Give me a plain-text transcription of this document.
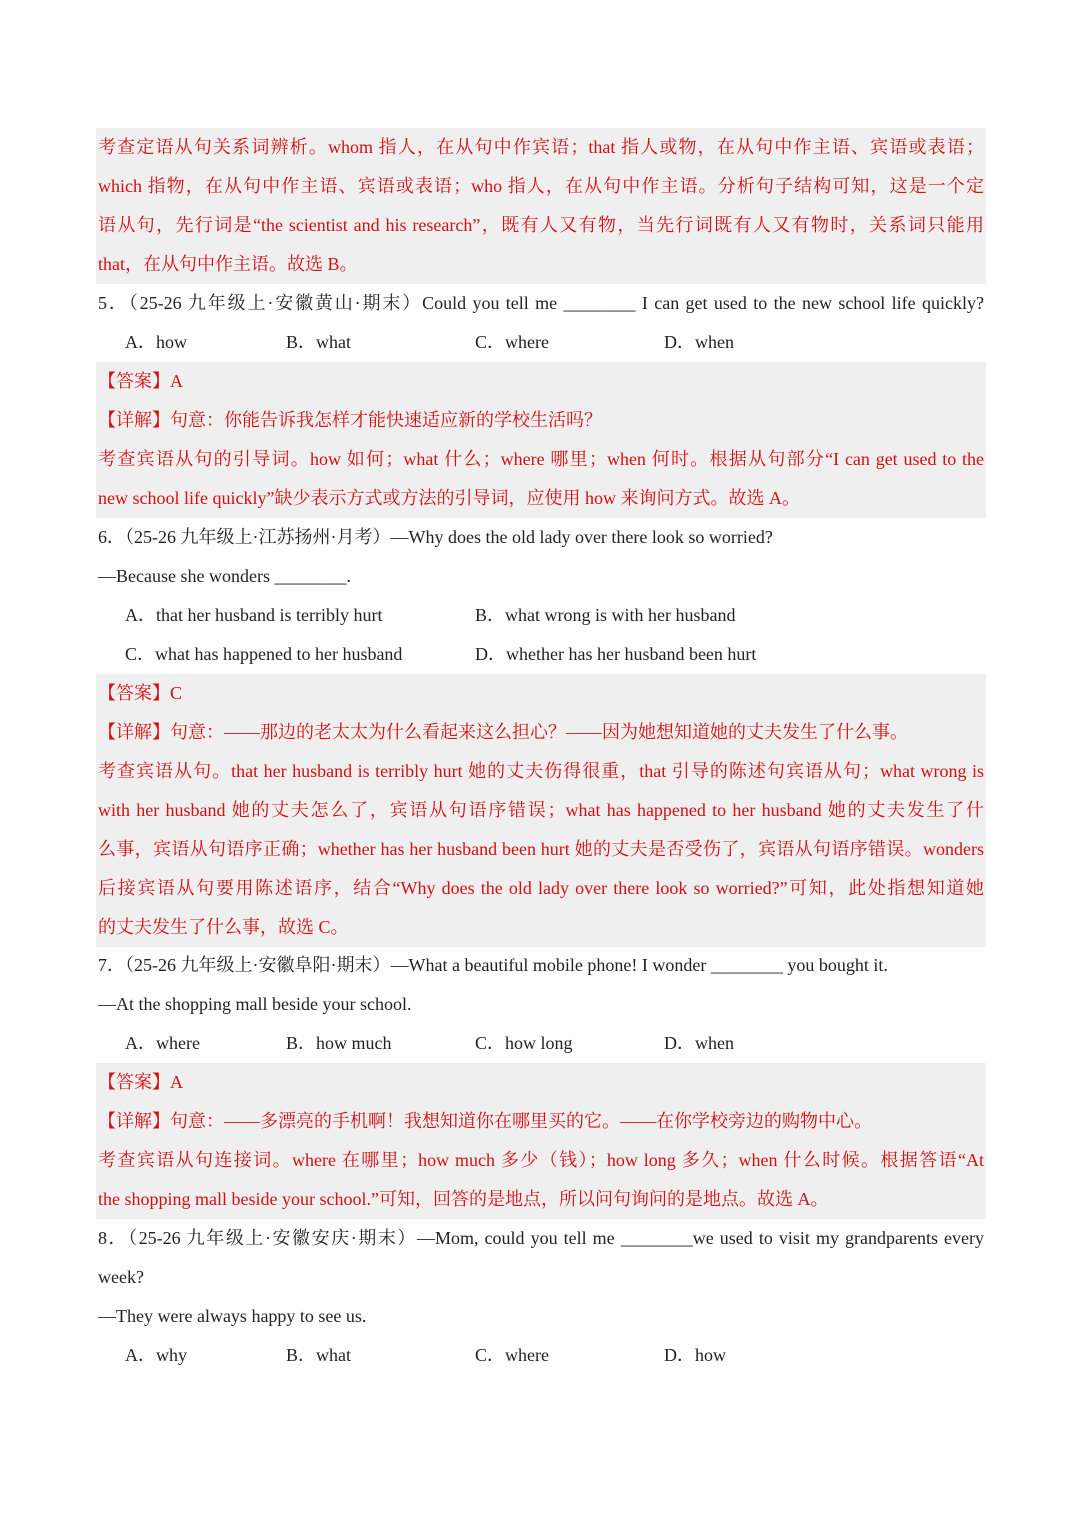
考查定语从句关系词辨析。whom 指人，在从句中作宾语；that 指人或物，在从句中作主语、宾语或表语；
which 指物，在从句中作主语、宾语或表语；who 指人，在从句中作主语。分析句子结构可知，这是一个定
语从句，先行词是“the scientist and his research”，既有人又有物，当先行词既有人又有物时，关系词只能用
that，在从句中作主语。故选 B。
5．（25-26 九年级上·安徽黄山·期末）Could you tell me ________ I can get used to the new school life quickly?
A．how	B．what	C．where	D．when
【答案】A
【详解】句意：你能告诉我怎样才能快速适应新的学校生活吗？
考查宾语从句的引导词。how 如何；what 什么；where 哪里；when 何时。根据从句部分“I can get used to the
new school life quickly”缺少表示方式或方法的引导词，应使用 how 来询问方式。故选 A。
6．（25-26 九年级上·江苏扬州·月考）—Why does the old lady over there look so worried?
—Because she wonders ________.
A．that her husband is terribly hurt	B．what wrong is with her husband
C．what has happened to her husband	D．whether has her husband been hurt
【答案】C
【详解】句意：——那边的老太太为什么看起来这么担心？——因为她想知道她的丈夫发生了什么事。
考查宾语从句。that her husband is terribly hurt 她的丈夫伤得很重，that 引导的陈述句宾语从句；what wrong is
with her husband 她的丈夫怎么了，宾语从句语序错误；what has happened to her husband 她的丈夫发生了什
么事，宾语从句语序正确；whether has her husband been hurt 她的丈夫是否受伤了，宾语从句语序错误。wonders
后接宾语从句要用陈述语序，结合“Why does the old lady over there look so worried?”可知，此处指想知道她
的丈夫发生了什么事，故选 C。
7．（25-26 九年级上·安徽阜阳·期末）—What a beautiful mobile phone! I wonder ________ you bought it.
—At the shopping mall beside your school.
A．where	B．how much	C．how long	D．when
【答案】A
【详解】句意：——多漂亮的手机啊！我想知道你在哪里买的它。——在你学校旁边的购物中心。
考查宾语从句连接词。where 在哪里；how much 多少（钱）；how long 多久；when 什么时候。根据答语“At
the shopping mall beside your school.”可知，回答的是地点，所以问句询问的是地点。故选 A。
8．（25-26 九年级上·安徽安庆·期末）—Mom, could you tell me ________we used to visit my grandparents every
week?
—They were always happy to see us.
A．why	B．what	C．where	D．how
